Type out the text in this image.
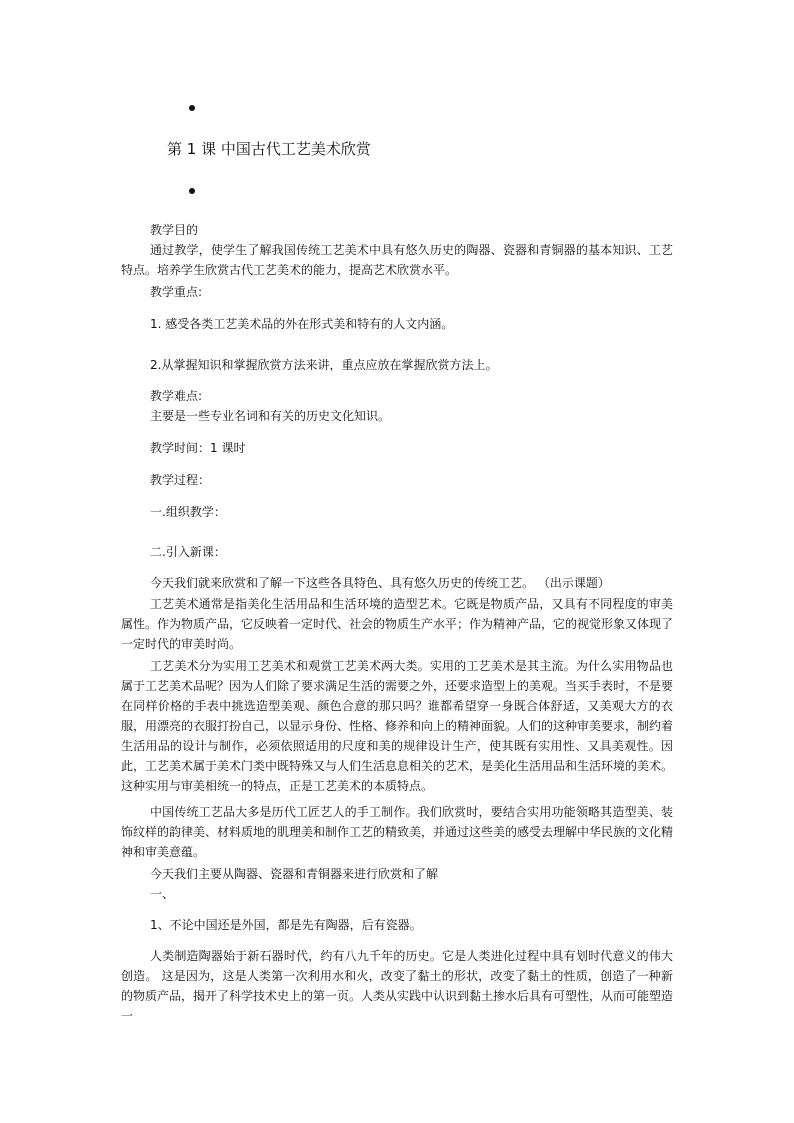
第 1 课 中国古代工艺美术欣赏
教学目的
通过教学，使学生了解我国传统工艺美术中具有悠久历史的陶器、瓷器和青铜器的基本知识、工艺特点。培养学生欣赏古代工艺美术的能力，提高艺术欣赏水平。
教学重点:
1. 感受各类工艺美术品的外在形式美和特有的人文内涵。
2.从掌握知识和掌握欣赏方法来讲，重点应放在掌握欣赏方法上。
教学难点:
主要是一些专业名词和有关的历史文化知识。
教学时间：1 课时
教学过程：
一.组织教学：
二.引入新课：
今天我们就来欣赏和了解一下这些各具特色、具有悠久历史的传统工艺。 （出示课题）
工艺美术通常是指美化生活用品和生活环境的造型艺术。它既是物质产品，又具有不同程度的审美属性。作为物质产品，它反映着一定时代、社会的物质生产水平；作为精神产品，它的视觉形象又体现了一定时代的审美时尚。
工艺美术分为实用工艺美术和观赏工艺美术两大类。实用的工艺美术是其主流。为什么实用物品也属于工艺美术品呢？因为人们除了要求满足生活的需要之外，还要求造型上的美观。当买手表时，不是要在同样价格的手表中挑选造型美观、颜色合意的那只吗？谁都希望穿一身既合体舒适，又美观大方的衣服，用漂亮的衣服打扮自己，以显示身份、性格、修养和向上的精神面貌。人们的这种审美要求，制约着生活用品的设计与制作，必须依照适用的尺度和美的规律设计生产，使其既有实用性、又具美观性。因此，工艺美术属于美术门类中既特殊又与人们生活息息相关的艺术，是美化生活用品和生活环境的美术。 这种实用与审美相统一的特点，正是工艺美术的本质特点。
中国传统工艺品大多是历代工匠艺人的手工制作。我们欣赏时，要结合实用功能领略其造型美、装饰纹样的韵律美、材料质地的肌理美和制作工艺的精致美，并通过这些美的感受去理解中华民族的文化精神和审美意蕴。
今天我们主要从陶器、瓷器和青铜器来进行欣赏和了解
一、
1、不论中国还是外国，都是先有陶器，后有瓷器。
人类制造陶器始于新石器时代，约有八九千年的历史。它是人类进化过程中具有划时代意义的伟大创造。 这是因为，这是人类第一次利用水和火，改变了黏土的形状，改变了黏土的性质，创造了一种新的物质产品，揭开了科学技术史上的第一页。人类从实践中认识到黏土掺水后具有可塑性，从而可能塑造一
